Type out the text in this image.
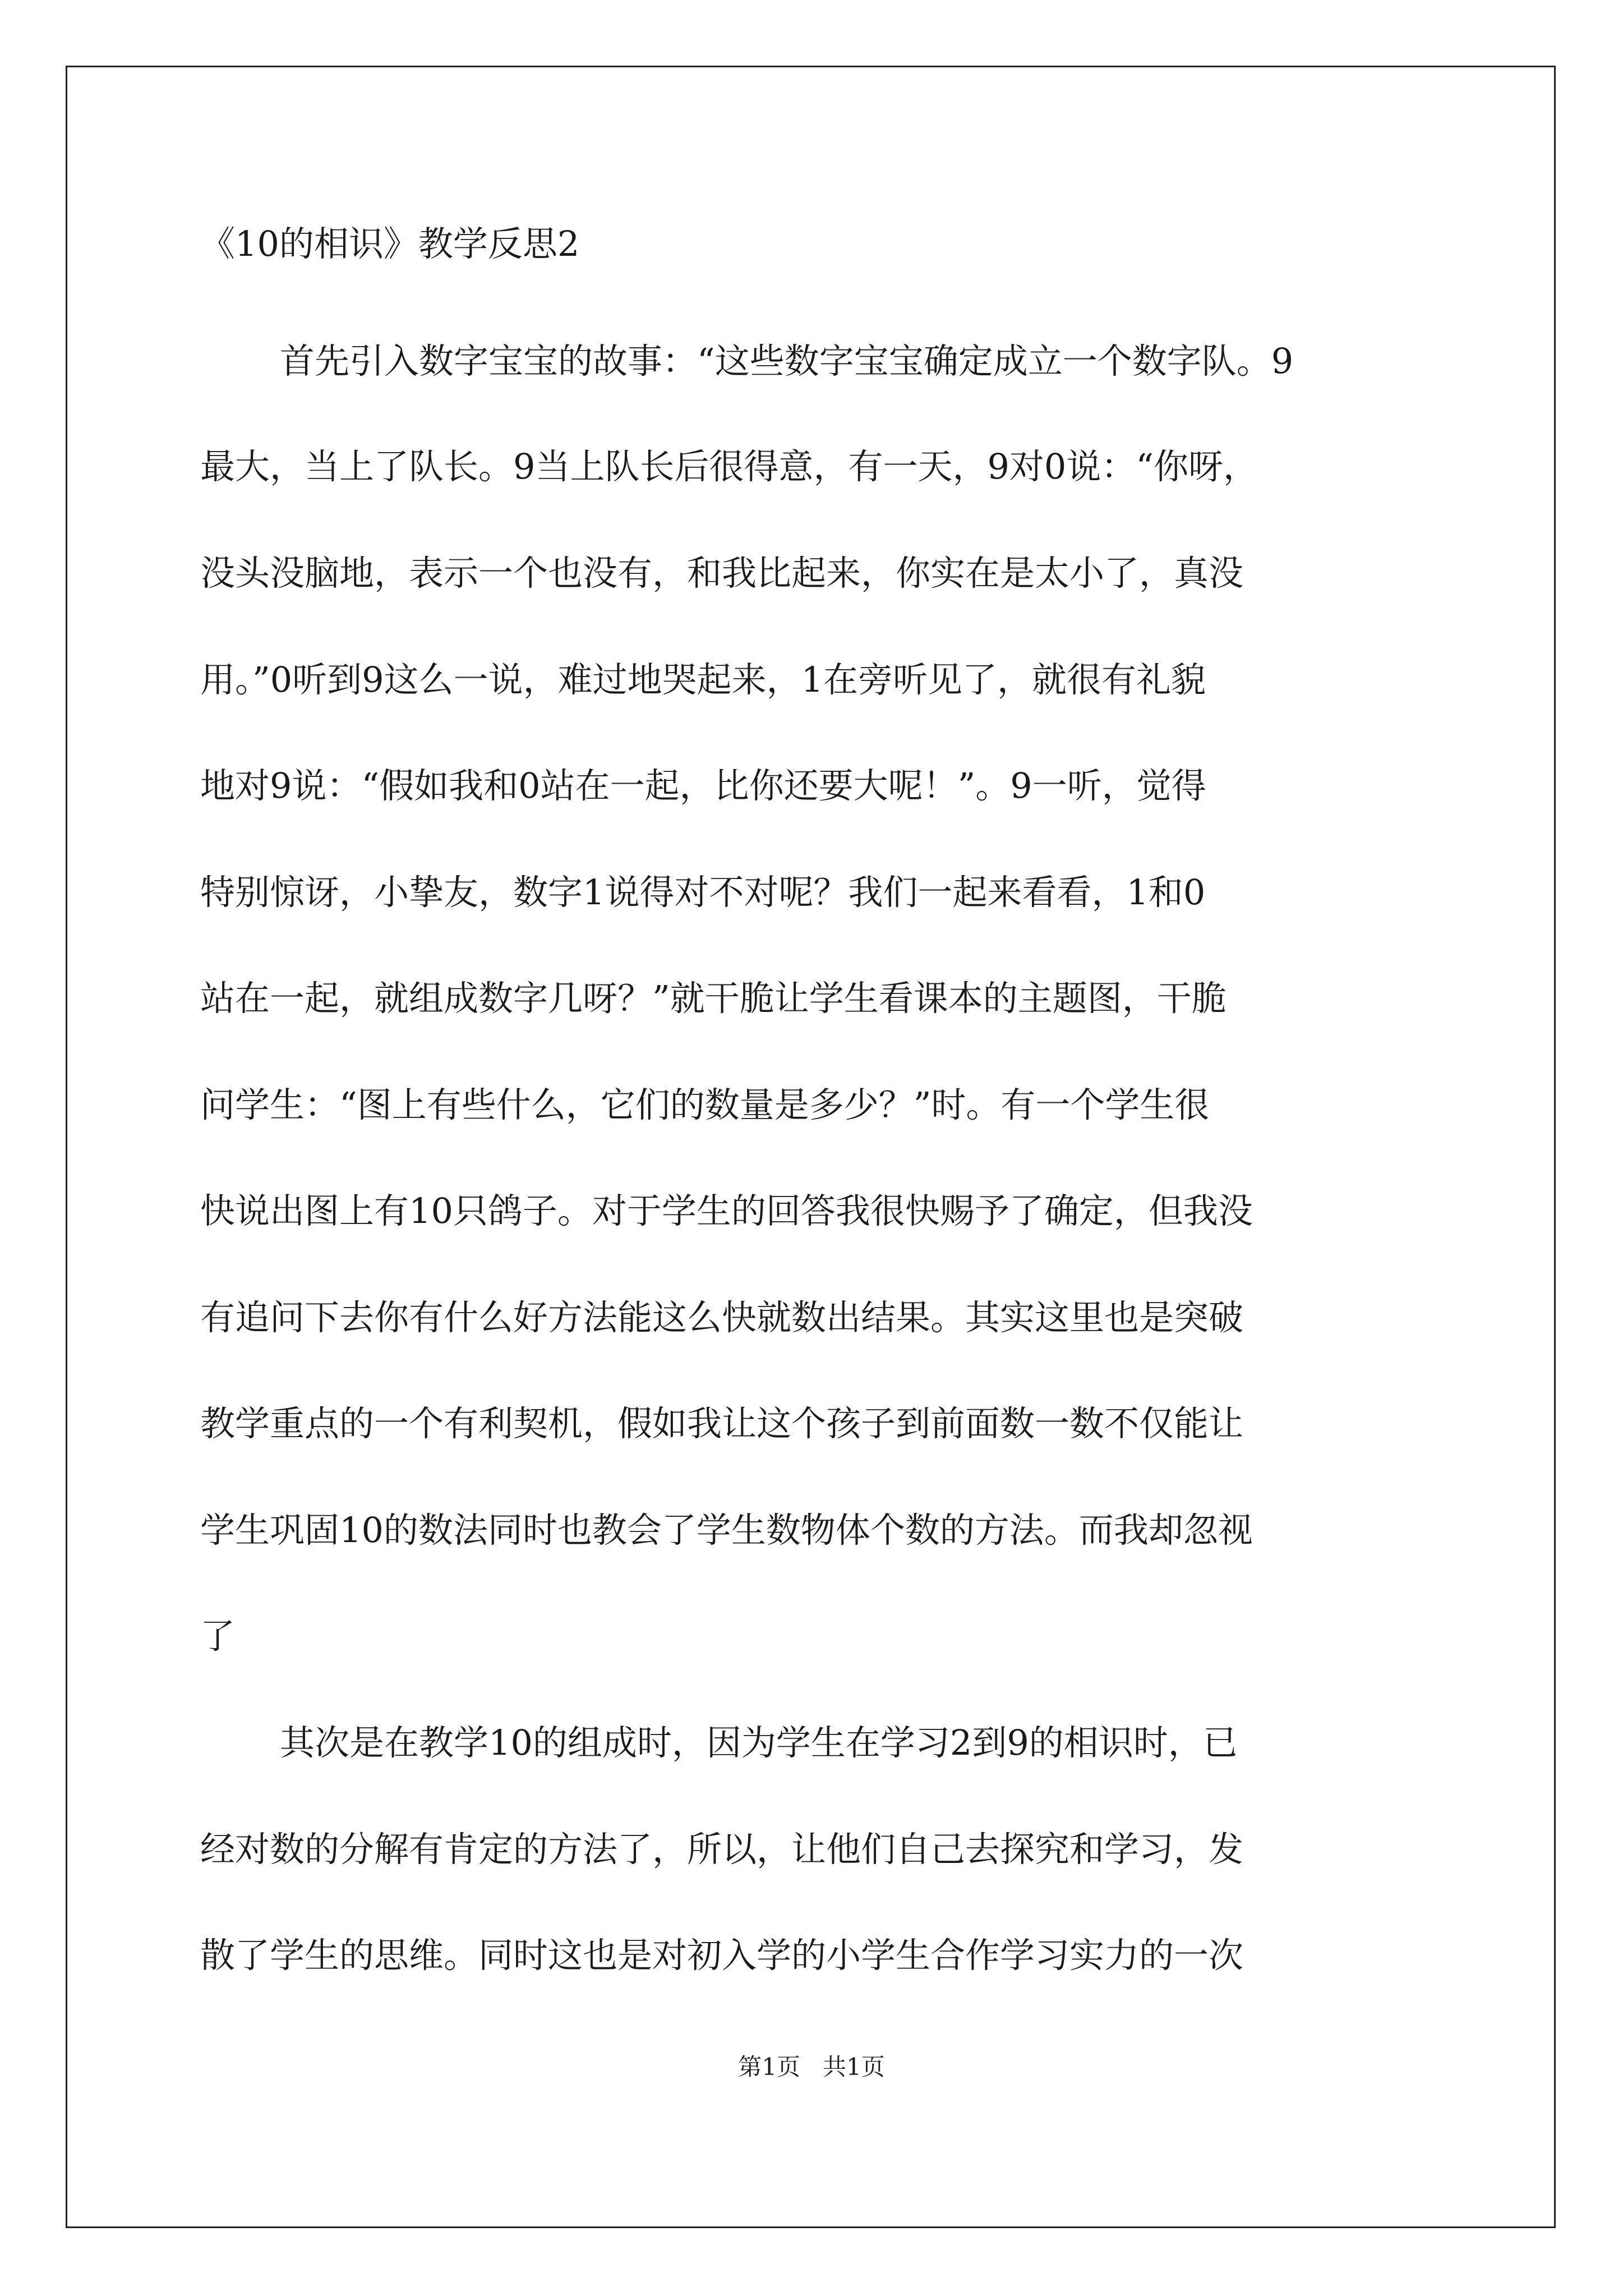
《10的相识》教学反思2

首先引入数字宝宝的故事：“这些数字宝宝确定成立一个数字队。9

最大，当上了队长。9当上队长后很得意，有一天，9对0说：“你呀，

没头没脑地，表示一个也没有，和我比起来，你实在是太小了，真没

用。”0听到9这么一说，难过地哭起来，1在旁听见了，就很有礼貌

地对9说：“假如我和0站在一起，比你还要大呢！”。9一听，觉得

特别惊讶，小挚友，数字1说得对不对呢？我们一起来看看，1和0

站在一起，就组成数字几呀？”就干脆让学生看课本的主题图，干脆

问学生：“图上有些什么，它们的数量是多少？”时。有一个学生很

快说出图上有10只鸽子。对于学生的回答我很快赐予了确定，但我没

有追问下去你有什么好方法能这么快就数出结果。其实这里也是突破

教学重点的一个有利契机，假如我让这个孩子到前面数一数不仅能让

学生巩固10的数法同时也教会了学生数物体个数的方法。而我却忽视

了

其次是在教学10的组成时，因为学生在学习2到9的相识时，已

经对数的分解有肯定的方法了，所以，让他们自己去探究和学习，发

散了学生的思维。同时这也是对初入学的小学生合作学习实力的一次

第1页 共1页
